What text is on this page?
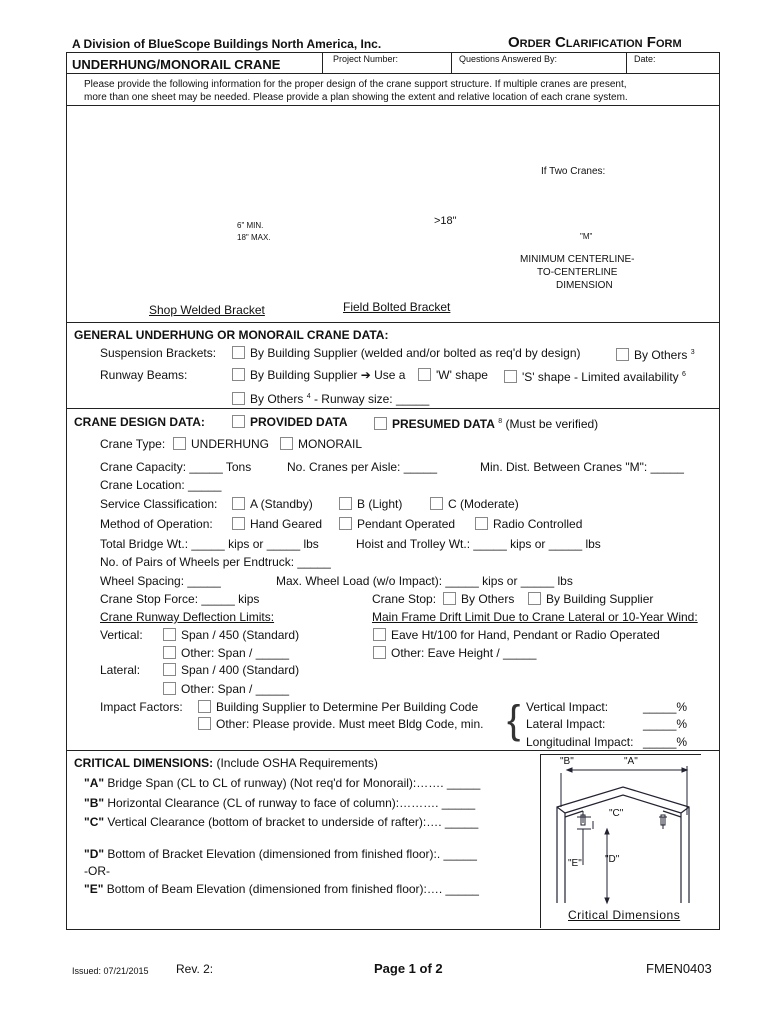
A Division of BlueScope Buildings North America, Inc.	Order Clarification Form
UNDERHUNG/MONORAIL CRANE	Project Number:	Questions Answered By:	Date:
Please provide the following information for the proper design of the crane support structure. If multiple cranes are present,
more than one sheet may be needed. Please provide a plan showing the extent and relative location of each crane system.
If Two Cranes:
6" MIN.
18" MAX.
>18"
"M"
MINIMUM CENTERLINE-
TO-CENTERLINE
DIMENSION
Shop Welded Bracket	Field Bolted Bracket
GENERAL UNDERHUNG OR MONORAIL CRANE DATA:
Suspension Brackets:	By Building Supplier (welded and/or bolted as req'd by design)	By Others $^3$
Runway Beams:	By Building Supplier ➔ Use a	'W' shape	'S' shape - Limited availability $^6$
By Others $^4$ - Runway size: _____
CRANE DESIGN DATA:	PROVIDED DATA	PRESUMED DATA $^8$ (Must be verified)
Crane Type:	UNDERHUNG	MONORAIL
Crane Capacity: _____ Tons	No. Cranes per Aisle: _____	Min. Dist. Between Cranes "M": _____
Crane Location: _____
Service Classification:	A (Standby)	B (Light)	C (Moderate)
Method of Operation:	Hand Geared	Pendant Operated	Radio Controlled
Total Bridge Wt.: _____ kips or _____ lbs	Hoist and Trolley Wt.: _____ kips or _____ lbs
No. of Pairs of Wheels per Endtruck: _____
Wheel Spacing: _____	Max. Wheel Load (w/o Impact): _____ kips or _____ lbs
Crane Stop Force: _____ kips	Crane Stop:	By Others	By Building Supplier
Crane Runway Deflection Limits:	Main Frame Drift Limit Due to Crane Lateral or 10-Year Wind:
Vertical:	Span / 450 (Standard)	Eave Ht/100 for Hand, Pendant or Radio Operated
Other: Span / _____	Other: Eave Height / _____
Lateral:	Span / 400 (Standard)
Other: Span / _____
Impact Factors:	Building Supplier to Determine Per Building Code
Other: Please provide. Must meet Bldg Code, min. { Vertical Impact:	_____%
Lateral Impact:	_____%
Longitudinal Impact: _____%
CRITICAL DIMENSIONS: (Include OSHA Requirements)
"A" Bridge Span (CL to CL of runway) (Not req'd for Monorail):……. _____
"B" Horizontal Clearance (CL of runway to face of column):………. _____
"C" Vertical Clearance (bottom of bracket to underside of rafter):…. _____
"D" Bottom of Bracket Elevation (dimensioned from finished floor):. _____
-OR-
"E" Bottom of Beam Elevation (dimensioned from finished floor):…. _____
"B"	"A"
"C"
"D"
"E"
Critical Dimensions
Issued: 07/21/2015 Rev. 2:	Page 1 of 2	FMEN0403
